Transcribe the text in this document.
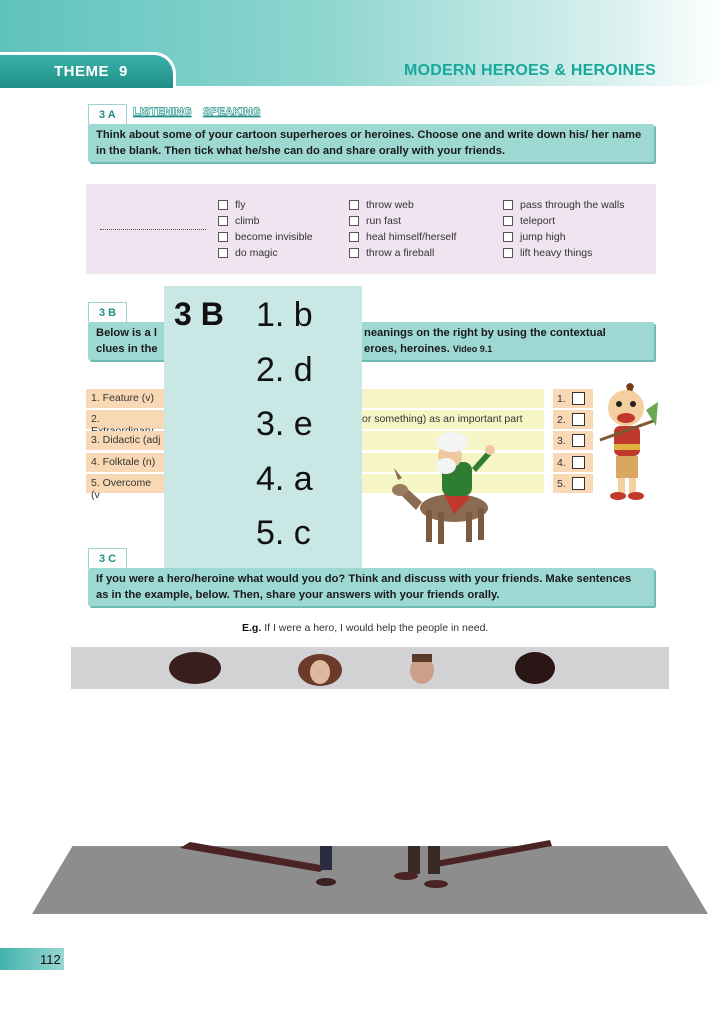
THEME 9	MODERN HEROES & HEROINES
3 A	LISTENING SPEAKING
Think about some of your cartoon superheroes or heroines. Choose one and write down his/ her name in the blank. Then tick what he/she can do and share orally with your friends.
fly
climb
become invisible
do magic
throw web
run fast
heal himself/herself
throw a fireball
pass through the walls
teleport
jump high
lift heavy things
3 B
Below is a l
clues in the
neanings on the right by using the contextual
eroes, heroines. Video 9.1
1. Feature (v)
2.
3. Didactic (adj
4. Folktale (n)
5. Overcome (v
or something) as an important part
1.
2.
3.
4.
5.
3 B 1. b
2. d
3. e
4. a
5. c
3 C
If you were a hero/heroine what would you do? Think and discuss with your friends. Make sentences as in the example, below. Then, share your answers with your friends orally.
E.g. If I were a hero, I would help the people in need.
112
